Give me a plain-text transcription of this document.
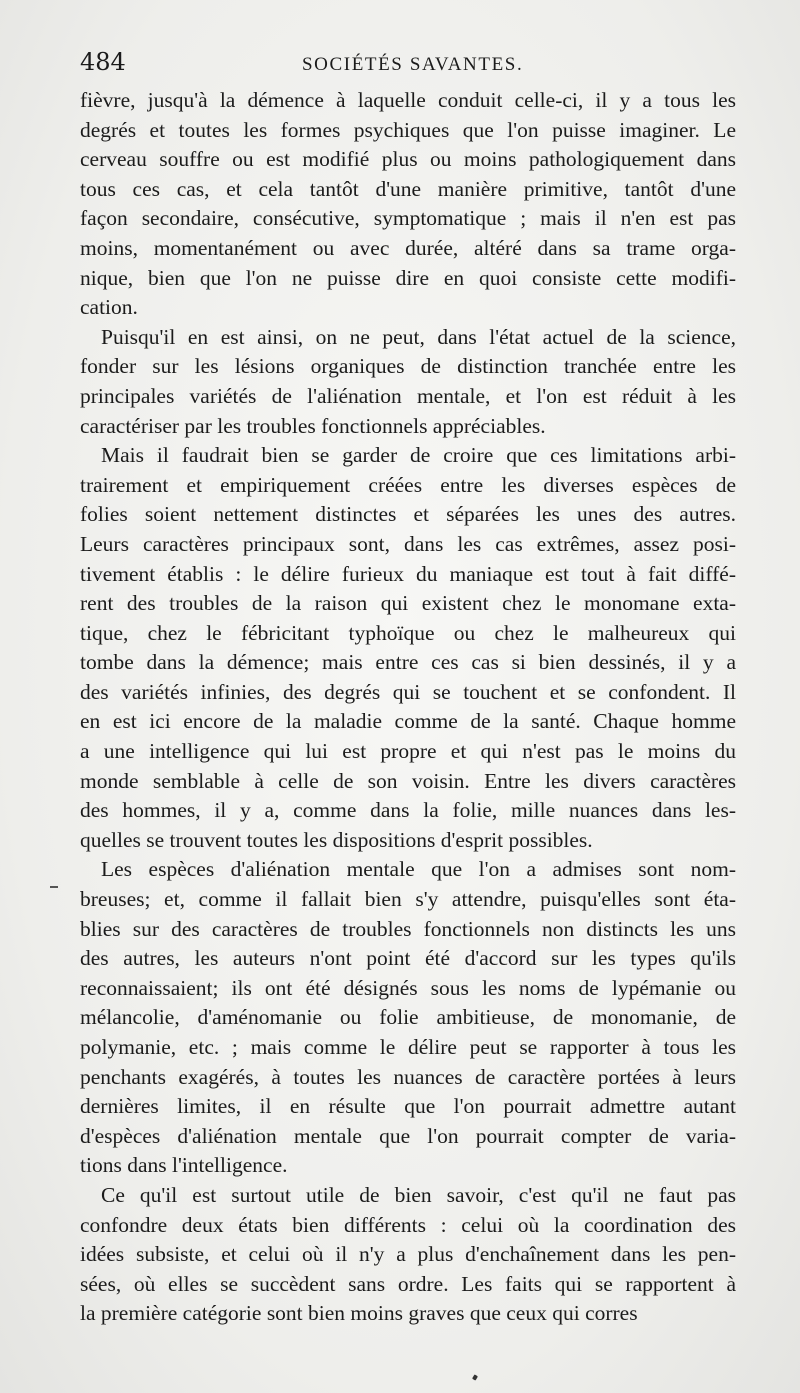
484	SOCIÉTÉS SAVANTES.
fièvre, jusqu'à la démence à laquelle conduit celle-ci, il y a tous les
degrés et toutes les formes psychiques que l'on puisse imaginer. Le
cerveau souffre ou est modifié plus ou moins pathologiquement dans
tous ces cas, et cela tantôt d'une manière primitive, tantôt d'une
façon secondaire, consécutive, symptomatique ; mais il n'en est pas
moins, momentanément ou avec durée, altéré dans sa trame orga-
nique, bien que l'on ne puisse dire en quoi consiste cette modifi-
cation.
Puisqu'il en est ainsi, on ne peut, dans l'état actuel de la science,
fonder sur les lésions organiques de distinction tranchée entre les
principales variétés de l'aliénation mentale, et l'on est réduit à les
caractériser par les troubles fonctionnels appréciables.
Mais il faudrait bien se garder de croire que ces limitations arbi-
trairement et empiriquement créées entre les diverses espèces de
folies soient nettement distinctes et séparées les unes des autres.
Leurs caractères principaux sont, dans les cas extrêmes, assez posi-
tivement établis : le délire furieux du maniaque est tout à fait diffé-
rent des troubles de la raison qui existent chez le monomane exta-
tique, chez le fébricitant typhoïque ou chez le malheureux qui
tombe dans la démence; mais entre ces cas si bien dessinés, il y a
des variétés infinies, des degrés qui se touchent et se confondent. Il
en est ici encore de la maladie comme de la santé. Chaque homme
a une intelligence qui lui est propre et qui n'est pas le moins du
monde semblable à celle de son voisin. Entre les divers caractères
des hommes, il y a, comme dans la folie, mille nuances dans les-
quelles se trouvent toutes les dispositions d'esprit possibles.
Les espèces d'aliénation mentale que l'on a admises sont nom-
breuses; et, comme il fallait bien s'y attendre, puisqu'elles sont éta-
blies sur des caractères de troubles fonctionnels non distincts les uns
des autres, les auteurs n'ont point été d'accord sur les types qu'ils
reconnaissaient; ils ont été désignés sous les noms de lypémanie ou
mélancolie, d'aménomanie ou folie ambitieuse, de monomanie, de
polymanie, etc. ; mais comme le délire peut se rapporter à tous les
penchants exagérés, à toutes les nuances de caractère portées à leurs
dernières limites, il en résulte que l'on pourrait admettre autant
d'espèces d'aliénation mentale que l'on pourrait compter de varia-
tions dans l'intelligence.
Ce qu'il est surtout utile de bien savoir, c'est qu'il ne faut pas
confondre deux états bien différents : celui où la coordination des
idées subsiste, et celui où il n'y a plus d'enchaînement dans les pen-
sées, où elles se succèdent sans ordre. Les faits qui se rapportent à
la première catégorie sont bien moins graves que ceux qui corres
